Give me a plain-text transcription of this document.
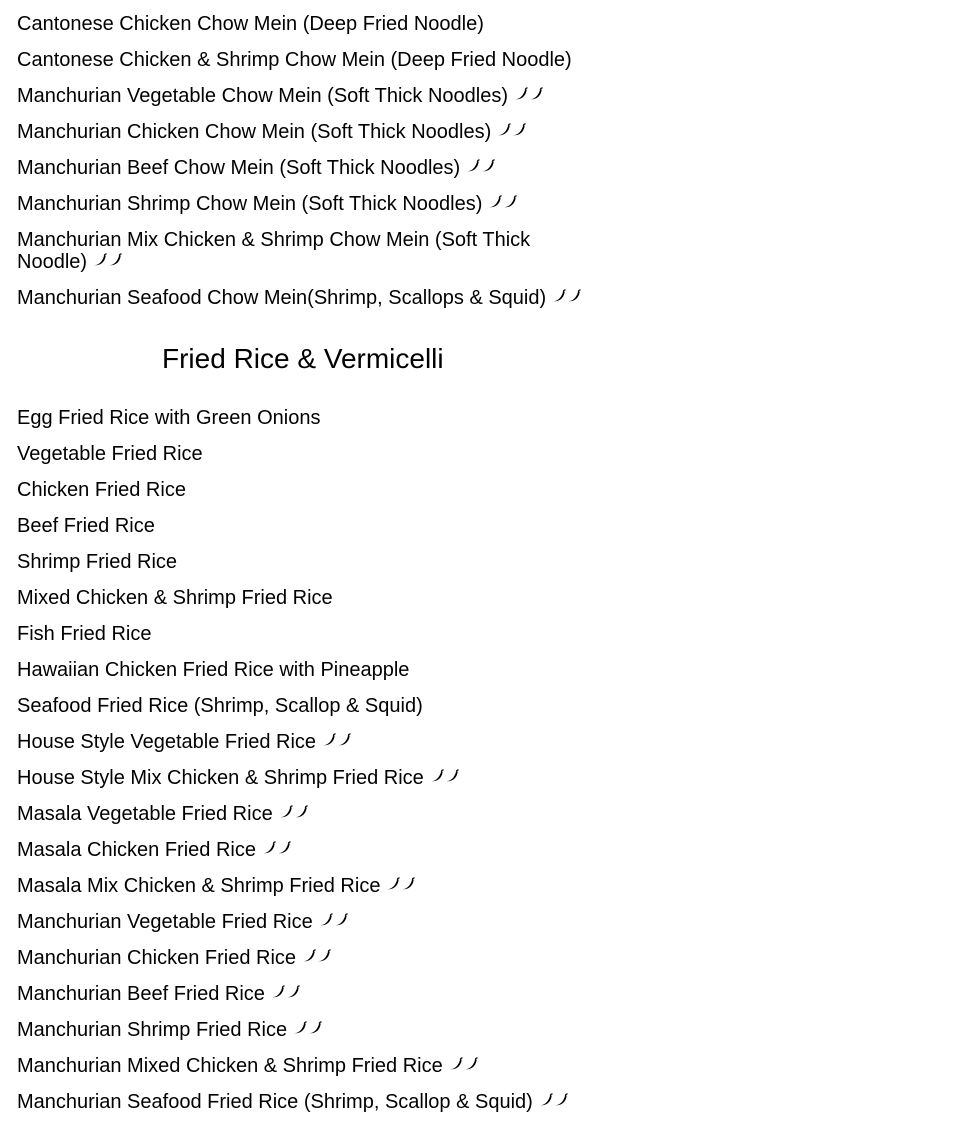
Cantonese Chicken Chow Mein (Deep Fried Noodle)
Cantonese Chicken & Shrimp Chow Mein (Deep Fried Noodle)
Manchurian Vegetable Chow Mein (Soft Thick Noodles)
Manchurian Chicken Chow Mein (Soft Thick Noodles)
Manchurian Beef Chow Mein (Soft Thick Noodles)
Manchurian Shrimp Chow Mein (Soft Thick Noodles)
Manchurian Mix Chicken & Shrimp Chow Mein (Soft Thick Noodle)
Manchurian Seafood Chow Mein(Shrimp, Scallops & Squid)
Fried Rice & Vermicelli
Egg Fried Rice with Green Onions
Vegetable Fried Rice
Chicken Fried Rice
Beef Fried Rice
Shrimp Fried Rice
Mixed Chicken & Shrimp Fried Rice
Fish Fried Rice
Hawaiian Chicken Fried Rice with Pineapple
Seafood Fried Rice (Shrimp, Scallop & Squid)
House Style Vegetable Fried Rice
House Style Mix Chicken & Shrimp Fried Rice
Masala Vegetable Fried Rice
Masala Chicken Fried Rice
Masala Mix Chicken & Shrimp Fried Rice
Manchurian Vegetable Fried Rice
Manchurian Chicken Fried Rice
Manchurian Beef Fried Rice
Manchurian Shrimp Fried Rice
Manchurian Mixed Chicken & Shrimp Fried Rice
Manchurian Seafood Fried Rice (Shrimp, Scallop & Squid)
